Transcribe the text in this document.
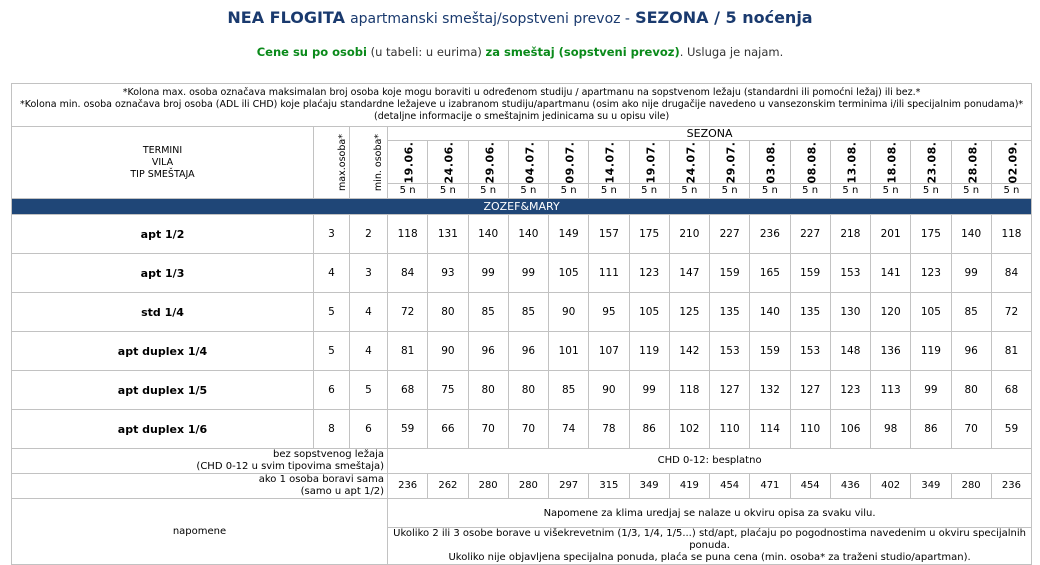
NEA FLOGITA apartmanski smeštaj/sopstveni prevoz - SEZONA / 5 noćenja
Cene su po osobi (u tabeli: u eurima) za smeštaj (sopstveni prevoz). Usluga je najam.
*Kolona max. osoba označava maksimalan broj osoba koje mogu boraviti u određenom studiju / apartmanu na sopstvenom ležaju (standardni ili pomoćni ležaj) ili bez.*
*Kolona min. osoba označava broj osoba (ADL ili CHD) koje plaćaju standardne ležajeve u izabranom studiju/apartmanu (osim ako nije drugačije navedeno u vansezonskim terminima i/ili specijalnim ponudama)*
(detaljne informacije o smeštajnim jedinicama su u opisu vile)																		

TERMINI
VILA
TIP SMEŠTAJA	max.osoba*	min. osoba*	SEZONA															
			19.06.	24.06.	29.06.	04.07.	09.07.	14.07.	19.07.	24.07.	29.07.	03.08.	08.08.	13.08.	18.08.	23.08.	28.08.	02.09.
			5 n	5 n	5 n	5 n	5 n	5 n	5 n	5 n	5 n	5 n	5 n	5 n	5 n	5 n	5 n	5 n
ZOZEF&MARY																		
apt 1/2	3	2	118	131	140	140	149	157	175	210	227	236	227	218	201	175	140	118
apt 1/3	4	3	84	93	99	99	105	111	123	147	159	165	159	153	141	123	99	84
std 1/4	5	4	72	80	85	85	90	95	105	125	135	140	135	130	120	105	85	72
apt duplex 1/4	5	4	81	90	96	96	101	107	119	142	153	159	153	148	136	119	96	81
apt duplex 1/5	6	5	68	75	80	80	85	90	99	118	127	132	127	123	113	99	80	68
apt duplex 1/6	8	6	59	66	70	70	74	78	86	102	110	114	110	106	98	86	70	59

bez sopstvenog ležaja
(CHD 0-12 u svim tipovima smeštaja)			CHD 0-12: besplatno															

ako 1 osoba boravi sama
(samo u apt 1/2)			236	262	280	280	297	315	349	419	454	471	454	436	402	349	280	236
napomene			Napomene za klima uredjaj se nalaze u okviru opisa za svaku vilu.															

			Ukoliko 2 ili 3 osobe borave u višekrevetnim (1/3, 1/4, 1/5...) std/apt, plaćaju po pogodnostima navedenim u okviru specijalnih ponuda.
Ukoliko nije objavljena specijalna ponuda, plaća se puna cena (min. osoba* za traženi studio/apartman).															
